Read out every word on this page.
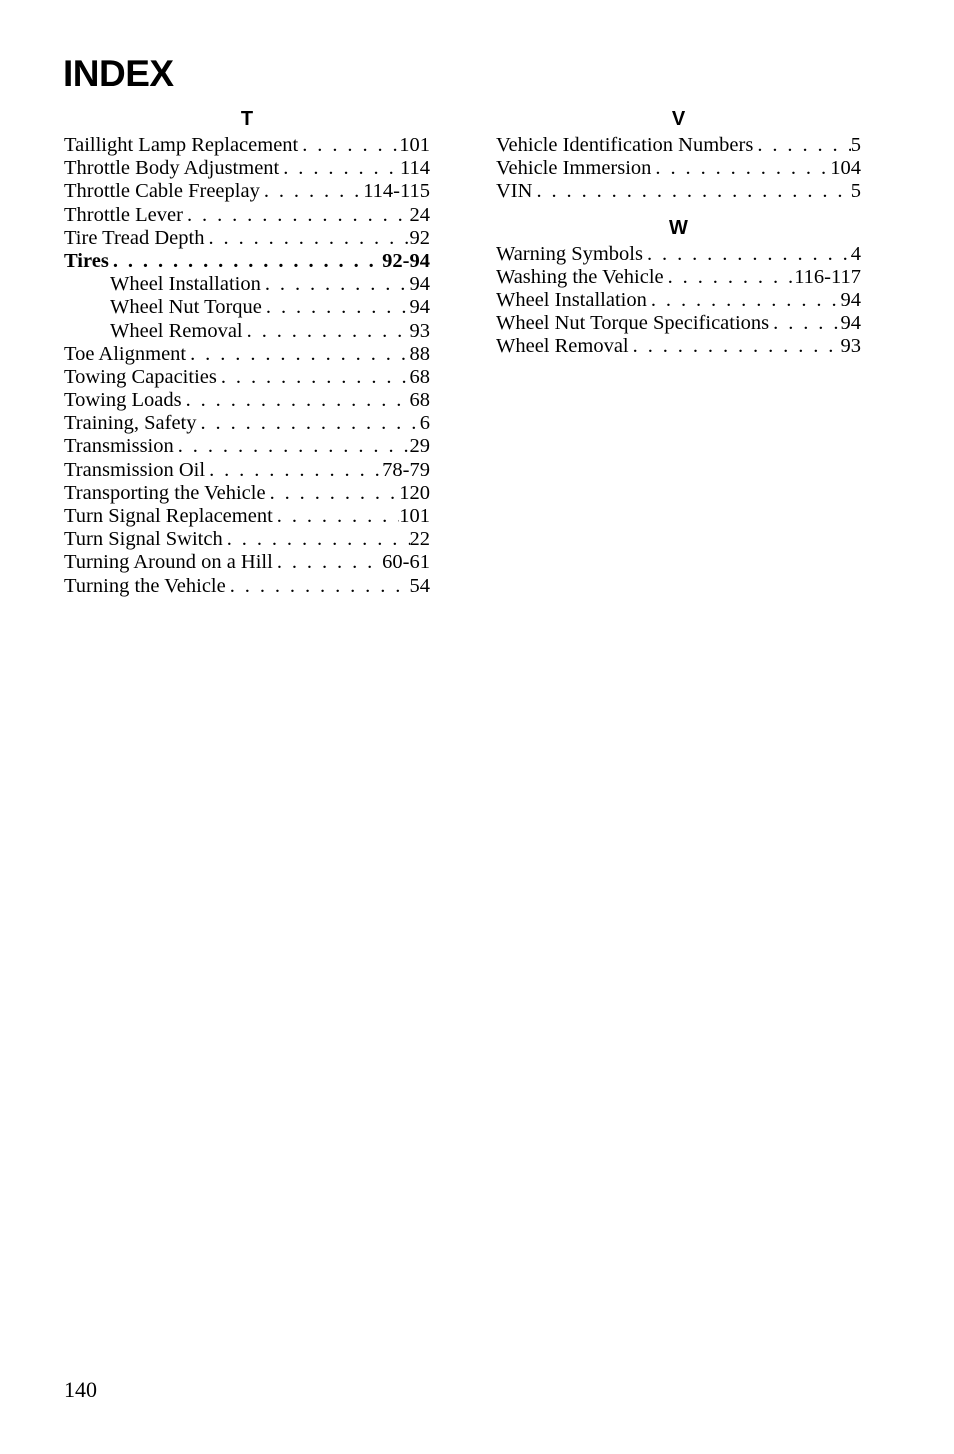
INDEX
T
Taillight Lamp Replacement . . .	101
Throttle Body Adjustment . . .	114
Throttle Cable Freeplay . . .	114-115
Throttle Lever . . .	24
Tire Tread Depth . . .	92
Tires . . .	92-94
Wheel Installation . . .	94
Wheel Nut Torque . . .	94
Wheel Removal . . .	93
Toe Alignment . . .	88
Towing Capacities . . .	68
Towing Loads . . .	68
Training, Safety . . .	6
Transmission . . .	29
Transmission Oil . . .	78-79
Transporting the Vehicle . . .	120
Turn Signal Replacement . . .	101
Turn Signal Switch . . .	22
Turning Around on a Hill . . .	60-61
Turning the Vehicle . . .	54
V
Vehicle Identification Numbers . . .	5
Vehicle Immersion . . .	104
VIN . . .	5
W
Warning Symbols . . .	4
Washing the Vehicle . . .	116-117
Wheel Installation . . .	94
Wheel Nut Torque Specifications . . .	94
Wheel Removal . . .	93
140
